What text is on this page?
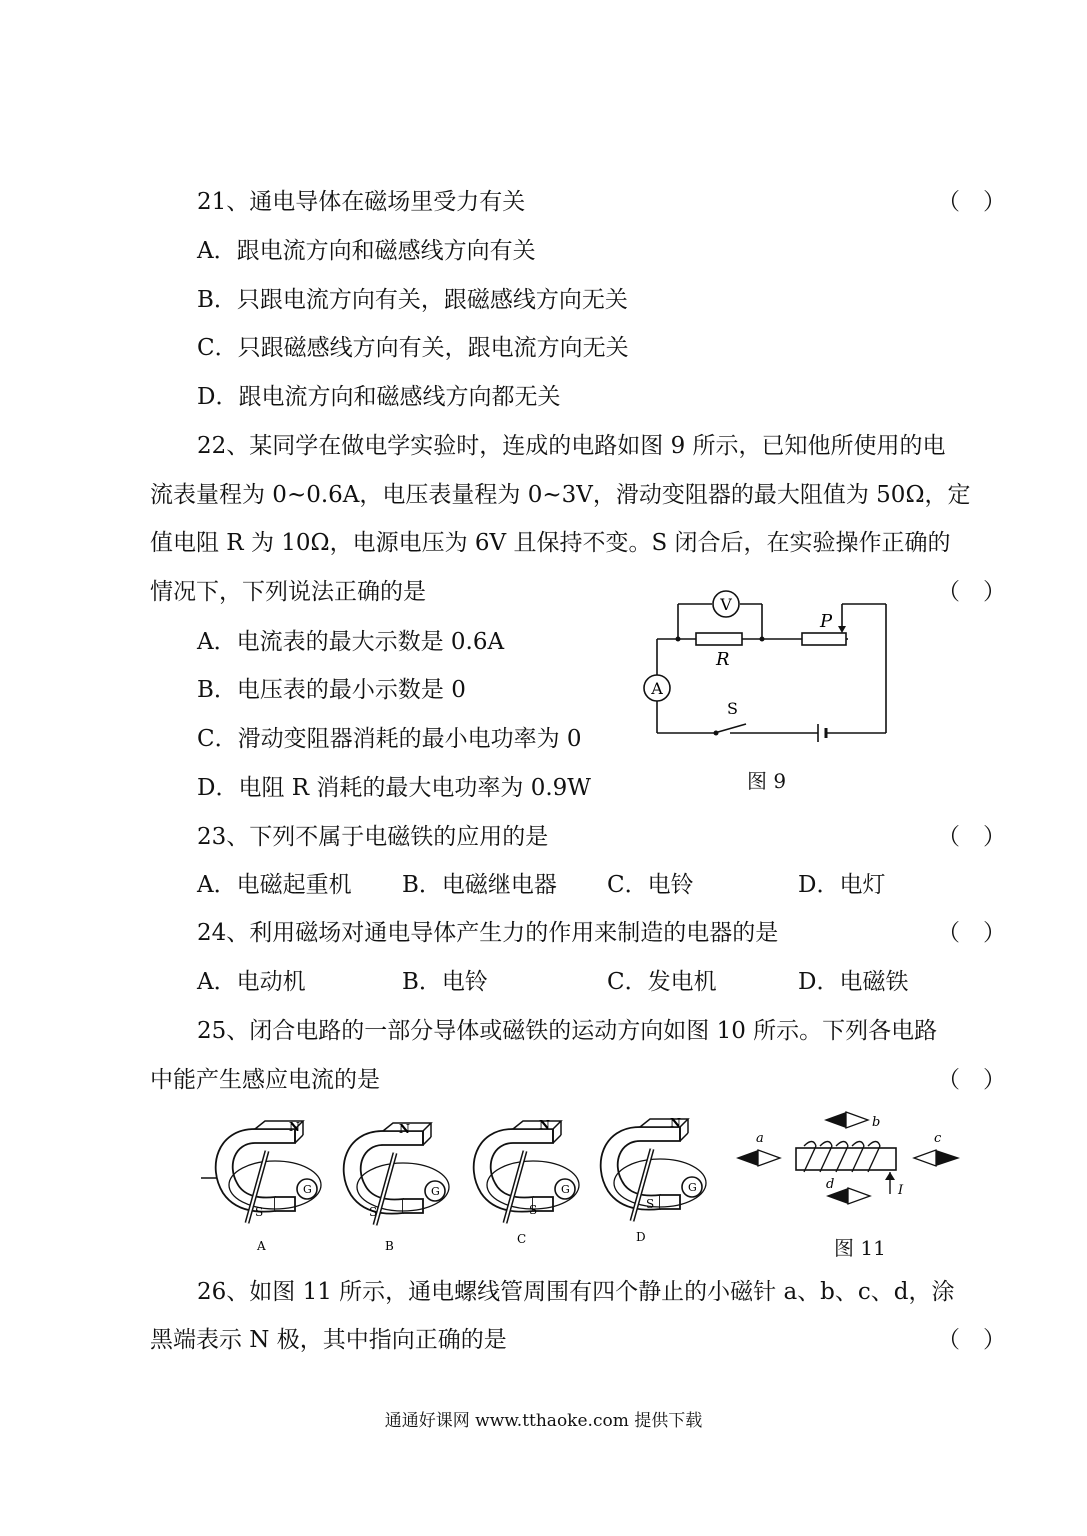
21、通电导体在磁场里受力有关	（　）
A．跟电流方向和磁感线方向有关
B．只跟电流方向有关，跟磁感线方向无关
C．只跟磁感线方向有关，跟电流方向无关
D．跟电流方向和磁感线方向都无关
22、某同学在做电学实验时，连成的电路如图 9 所示，已知他所使用的电
流表量程为 0~0.6A，电压表量程为 0~3V，滑动变阻器的最大阻值为 50Ω，定
值电阻 R 为 10Ω，电源电压为 6V 且保持不变。S 闭合后，在实验操作正确的
情况下，下列说法正确的是	（　）
A．电流表的最大示数是 0.6A
B．电压表的最小示数是 0
C．滑动变阻器消耗的最小电功率为 0
D．电阻 R 消耗的最大电功率为 0.9W
V
A
R
P
S
图 9
23、下列不属于电磁铁的应用的是	（　）
A．电磁起重机 B．电磁继电器 C．电铃	D．电灯
24、利用磁场对通电导体产生力的作用来制造的电器的是	（　）
A．电动机	B．电铃	C．发电机	D．电磁铁
25、闭合电路的一部分导体或磁铁的运动方向如图 10 所示。下列各电路
中能产生感应电流的是	（　）
N
S
G
A
N
S
G
B
N
S
G
C
N
S
G
D
I
a
b
c
d
图 11
26、如图 11 所示，通电螺线管周围有四个静止的小磁针 a、b、c、d，涂
黑端表示 N 极，其中指向正确的是	（　）
通通好课网 www.tthaoke.com 提供下载
